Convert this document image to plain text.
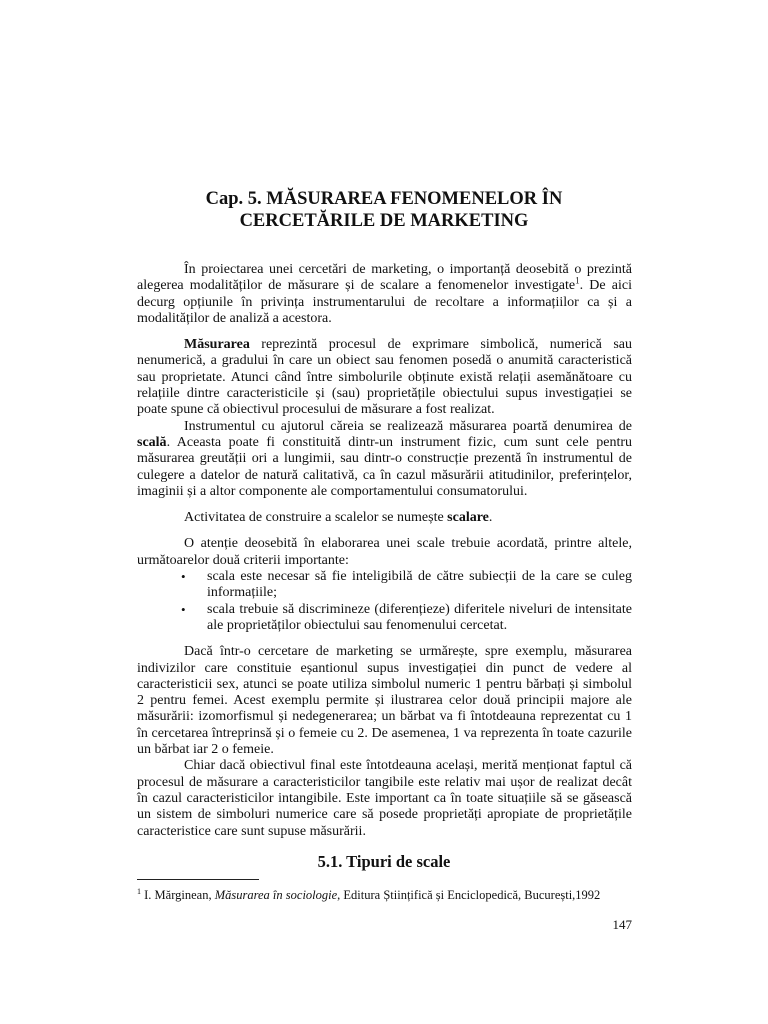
Cap. 5. MĂSURAREA FENOMENELOR ÎN
CERCETĂRILE DE MARKETING

În proiectarea unei cercetări de marketing, o importanță deosebită o prezintă alegerea modalităților de măsurare și de scalare a fenomenelor investigate$^1$. De aici decurg opțiunile în privința instrumentarului de recoltare a informațiilor ca și a modalităților de analiză a acestora.

Măsurarea reprezintă procesul de exprimare simbolică, numerică sau nenumerică, a gradului în care un obiect sau fenomen posedă o anumită caracteristică sau proprietate. Atunci când între simbolurile obținute există relații asemănătoare cu relațiile dintre caracteristicile și (sau) proprietățile obiectului supus investigației se poate spune că obiectivul procesului de măsurare a fost realizat.

Instrumentul cu ajutorul căreia se realizează măsurarea poartă denumirea de scală. Aceasta poate fi constituită dintr-un instrument fizic, cum sunt cele pentru măsurarea greutății ori a lungimii, sau dintr-o construcție prezentă în instrumentul de culegere a datelor de natură calitativă, ca în cazul măsurării atitudinilor, preferințelor, imaginii și a altor componente ale comportamentului consumatorului.

Activitatea de construire a scalelor se numește scalare.

O atenție deosebită în elaborarea unei scale trebuie acordată, printre altele, următoarelor două criterii importante:

• scala este necesar să fie inteligibilă de către subiecții de la care se culeg informațiile;
• scala trebuie să discrimineze (diferențieze) diferitele niveluri de intensitate ale proprietăților obiectului sau fenomenului cercetat.

Dacă într-o cercetare de marketing se urmărește, spre exemplu, măsurarea indivizilor care constituie eșantionul supus investigației din punct de vedere al caracteristicii sex, atunci se poate utiliza simbolul numeric 1 pentru bărbați și simbolul 2 pentru femei. Acest exemplu permite și ilustrarea celor două principii majore ale măsurării: izomorfismul și nedegenerarea; un bărbat va fi întotdeauna reprezentat cu 1 în cercetarea întreprinsă și o femeie cu 2. De asemenea, 1 va reprezenta în toate cazurile un bărbat iar 2 o femeie.

Chiar dacă obiectivul final este întotdeauna același, merită menționat faptul că procesul de măsurare a caracteristicilor tangibile este relativ mai ușor de realizat decât în cazul caracteristicilor intangibile. Este important ca în toate situațiile să se găsească un sistem de simboluri numerice care să posede proprietăți apropiate de proprietățile caracteristice care sunt supuse măsurării.

5.1. Tipuri de scale
$^1$ I. Mărginean, Măsurarea în sociologie, Editura Științifică și Enciclopedică, București,1992
147
